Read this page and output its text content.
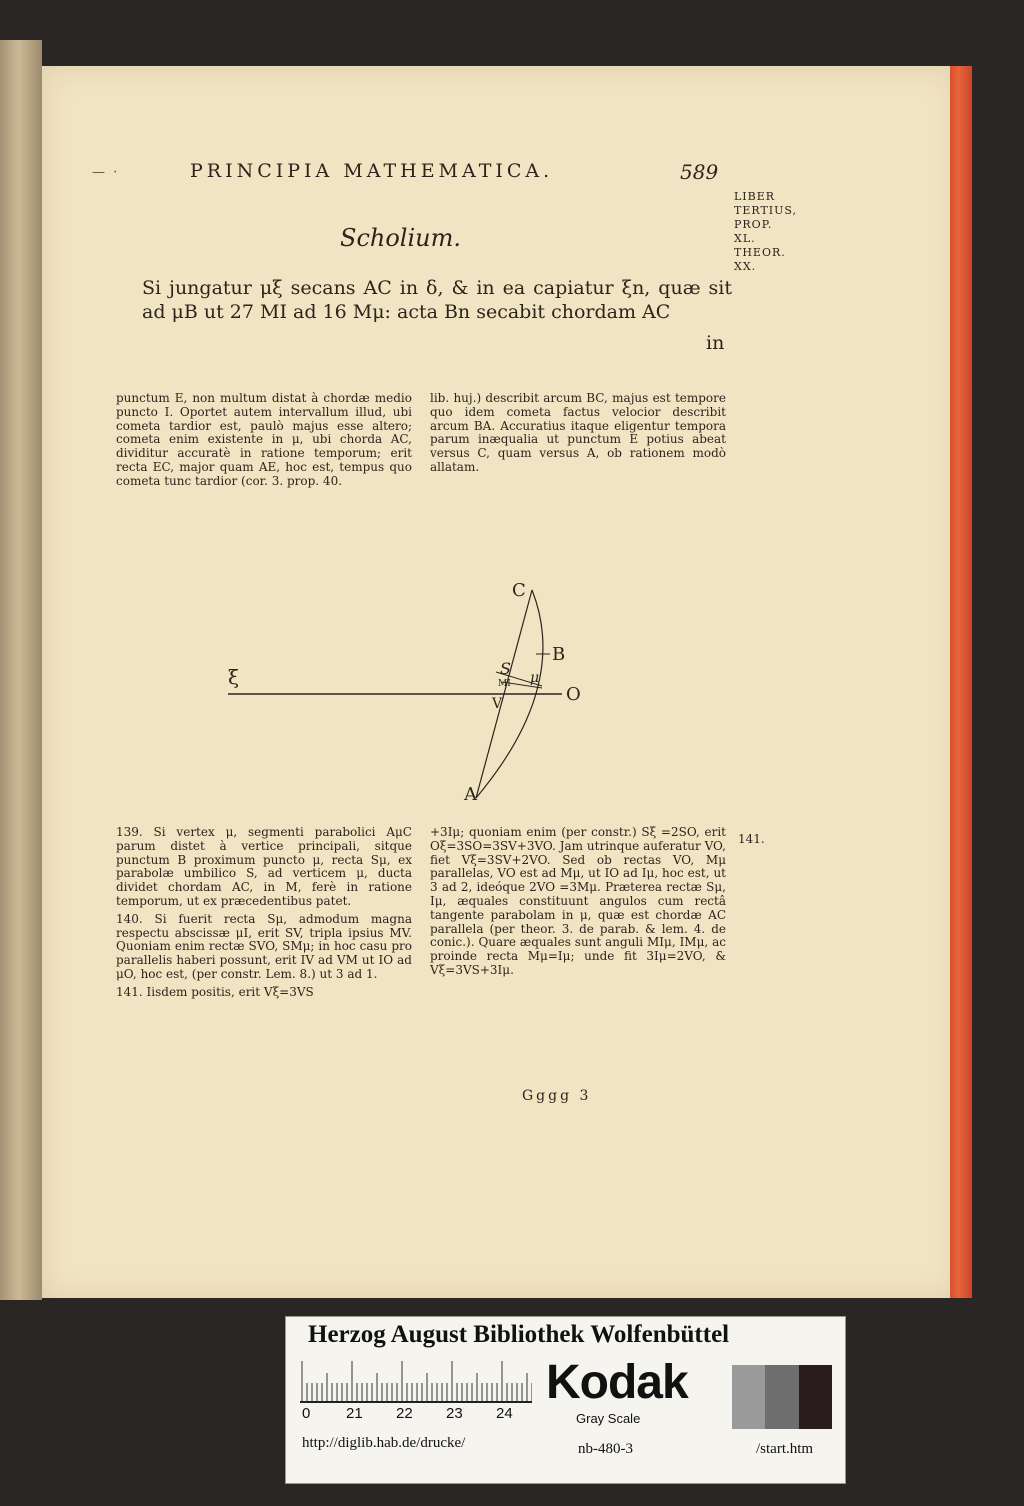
— ·	PRINCIPIA MATHEMATICA.	589
LIBER
TERTIUS,
PROP.
XL.
THEOR.
XX.
Scholium.
Si jungatur μξ secans AC in δ, & in ea capiatur ξn, quæ sit ad μB ut 27 MI ad 16 Mμ: acta Bn secabit chordam AC
in
punctum E, non multum distat à chordæ medio puncto I. Oportet autem intervallum illud, ubi cometa tardior est, paulò majus esse altero; cometa enim existente in μ, ubi chorda AC, dividitur accuratè in ratione temporum; erit recta EC, major quam AE, hoc est, tempus quo cometa tunc tardior (cor. 3. prop. 40.
lib. huj.) describit arcum BC, majus est tempore quo idem cometa factus velocior describit arcum BA. Accuratius itaque eligentur tempora parum inæqualia ut punctum E potius abeat versus C, quam versus A, ob rationem modò allatam.
ξ
C
B
S
MI μ
V	O
A

139. Si vertex μ, segmenti parabolici AμC parum distet à vertice principali, sitque punctum B proximum puncto μ, recta Sμ, ex parabolæ umbilico S, ad verticem μ, ducta dividet chordam AC, in M, ferè in ratione temporum, ut ex præcedentibus patet.

140. Si fuerit recta Sμ, admodum magna respectu abscissæ μI, erit SV, tripla ipsius MV. Quoniam enim rectæ SVO, SMμ; in hoc casu pro parallelis haberi possunt, erit IV ad VM ut IO ad μO, hoc est, (per constr. Lem. 8.) ut 3 ad 1.

141. Iisdem positis, erit Vξ=3VS

+3Iμ; quoniam enim (per constr.) Sξ =2SO, erit Oξ=3SO=3SV+3VO. Jam utrinque auferatur VO, fiet Vξ=3SV+2VO. Sed ob rectas VO, Mμ parallelas, VO est ad Mμ, ut IO ad Iμ, hoc est, ut 3 ad 2, ideóque 2VO =3Mμ. Præterea rectæ Sμ, Iμ, æquales constituunt angulos cum rectâ tangente parabolam in μ, quæ est chordæ AC parallela (per theor. 3. de parab. & lem. 4. de conic.). Quare æquales sunt anguli MIμ, IMμ, ac proinde recta Mμ=Iμ; unde fit 3Iμ=2VO, & Vξ=3VS+3Iμ.
141.
Gggg 3
Herzog August Bibliothek Wolfenbüttel
0 21 22 23 24
Kodak
Gray Scale
http://diglib.hab.de/drucke/	nb-480-3	/start.htm
